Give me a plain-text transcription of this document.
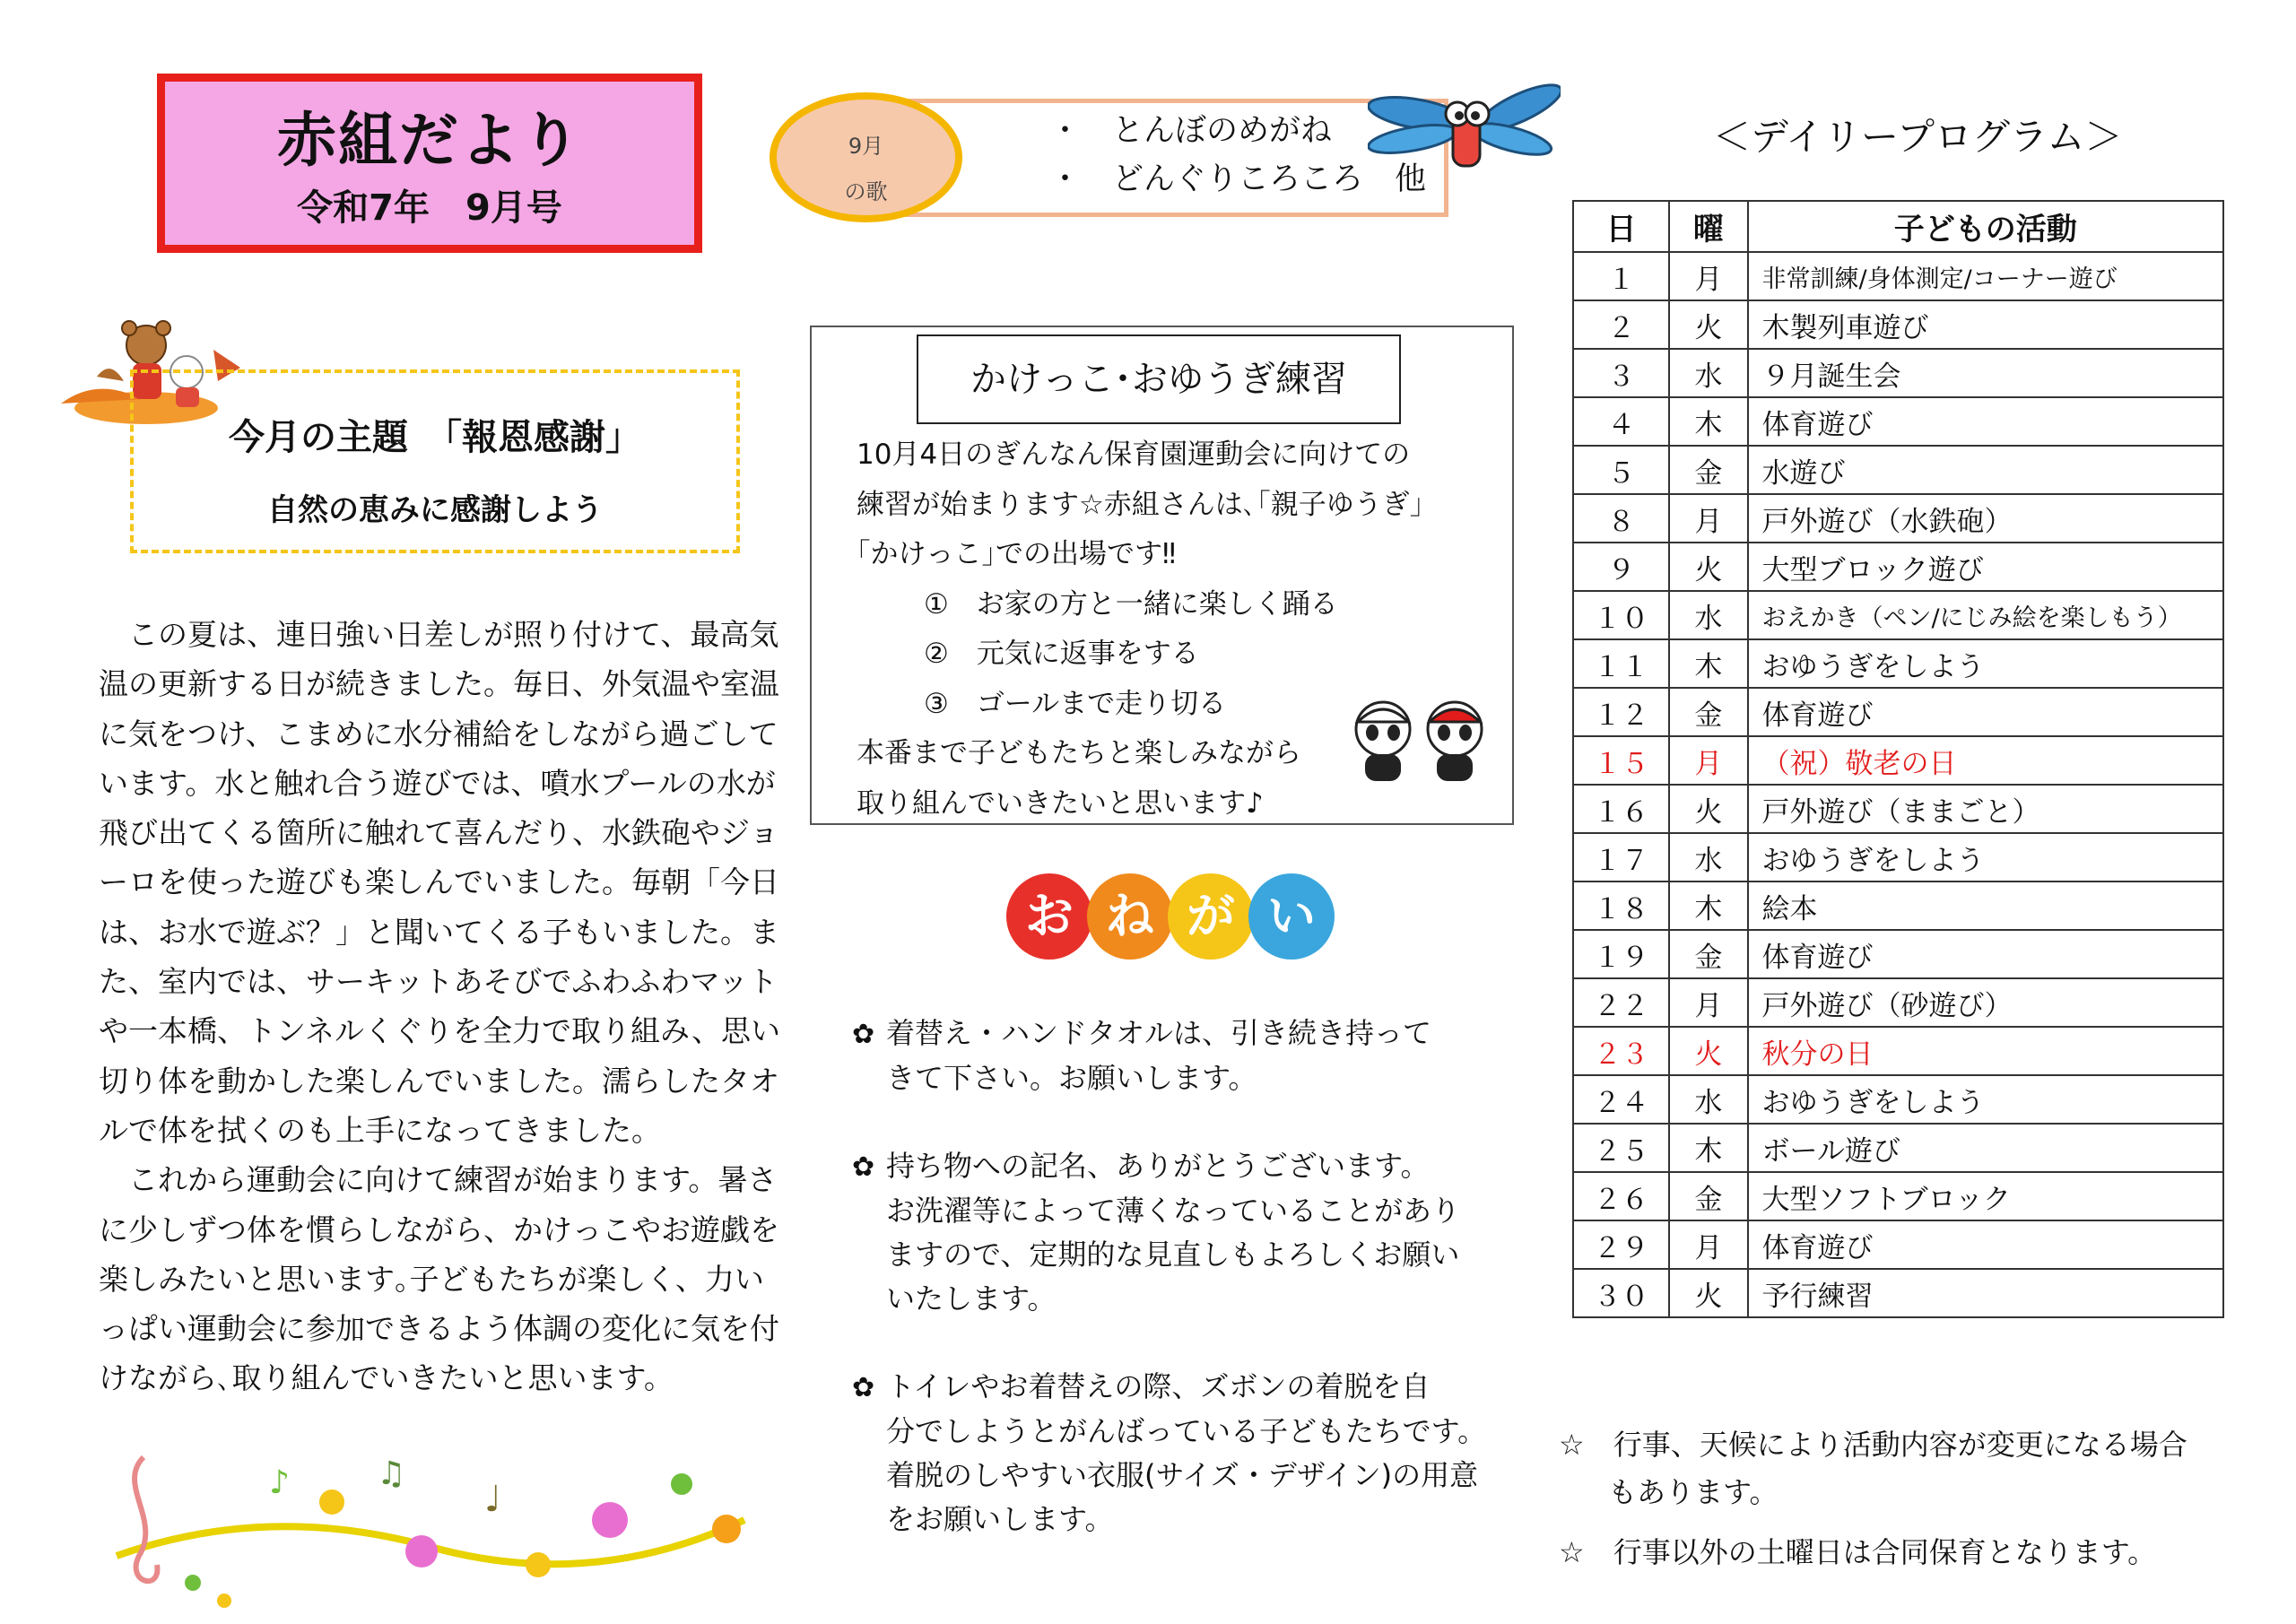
赤組だより
令和7年　9月号
9月
の歌
・　とんぼのめがね
・　どんぐりころころ　他
今月の主題　「報恩感謝」
自然の恵みに感謝しよう

　この夏は、連日強い日差しが照り付けて、最高気温の更新する日が続きました。毎日、外気温や室温に気をつけ、こまめに水分補給をしながら過ごしています。水と触れ合う遊びでは、噴水プールの水が飛び出てくる箇所に触れて喜んだり、水鉄砲やジョーロを使った遊びも楽しんでいました。毎朝「今日は、お水で遊ぶ？」と聞いてくる子もいました。また、室内では、サーキットあそびでふわふわマットや一本橋、トンネルくぐりを全力で取り組み、思い切り体を動かした楽しんでいました。濡らしたタオルで体を拭くのも上手になってきました。

　これから運動会に向けて練習が始まります。暑さに少しずつ体を慣らしながら、かけっこやお遊戯を楽しみたいと思います｡子どもたちが楽しく、力いっぱい運動会に参加できるよう体調の変化に気を付けながら､取り組んでいきたいと思います。

♪	♩
♫
かけっこ･おゆうぎ練習
10月4日のぎんなん保育園運動会に向けての
練習が始まります☆赤組さんは､｢親子ゆうぎ｣
｢かけっこ｣での出場です‼
①　お家の方と一緒に楽しく踊る
②　元気に返事をする
③　ゴールまで走り切る
本番まで子どもたちと楽しみながら
取り組んでいきたいと思います♪
お ね が い
✿ 着替え・ハンドタオルは、引き続き持って
きて下さい。お願いします。
✿ 持ち物への記名、ありがとうございます。
お洗濯等によって薄くなっていることがあり
ますので、定期的な見直しもよろしくお願い
いたします。
✿ トイレやお着替えの際、ズボンの着脱を自
分でしようとがんばっている子どもたちです。
着脱のしやすい衣服(サイズ・デザイン)の用意
をお願いします。
＜デイリープログラム＞
日	曜	子どもの活動
１	月	非常訓練/身体測定/コーナー遊び
２	火	木製列車遊び
３	水	９月誕生会
４	木	体育遊び
５	金	水遊び
８	月	戸外遊び（水鉄砲）
９	火	大型ブロック遊び
１０	水	おえかき（ペン/にじみ絵を楽しもう）
１１	木	おゆうぎをしよう
１２	金	体育遊び
１５	月	（祝）敬老の日
１６	火	戸外遊び（ままごと）
１７	水	おゆうぎをしよう
１８	木	絵本
１９	金	体育遊び
２２	月	戸外遊び（砂遊び）
２３	火	秋分の日
２４	水	おゆうぎをしよう
２５	木	ボール遊び
２６	金	大型ソフトブロック
２９	月	体育遊び
３０	火	予行練習
☆　行事、天候により活動内容が変更になる場合
もあります。
☆　行事以外の土曜日は合同保育となります。
